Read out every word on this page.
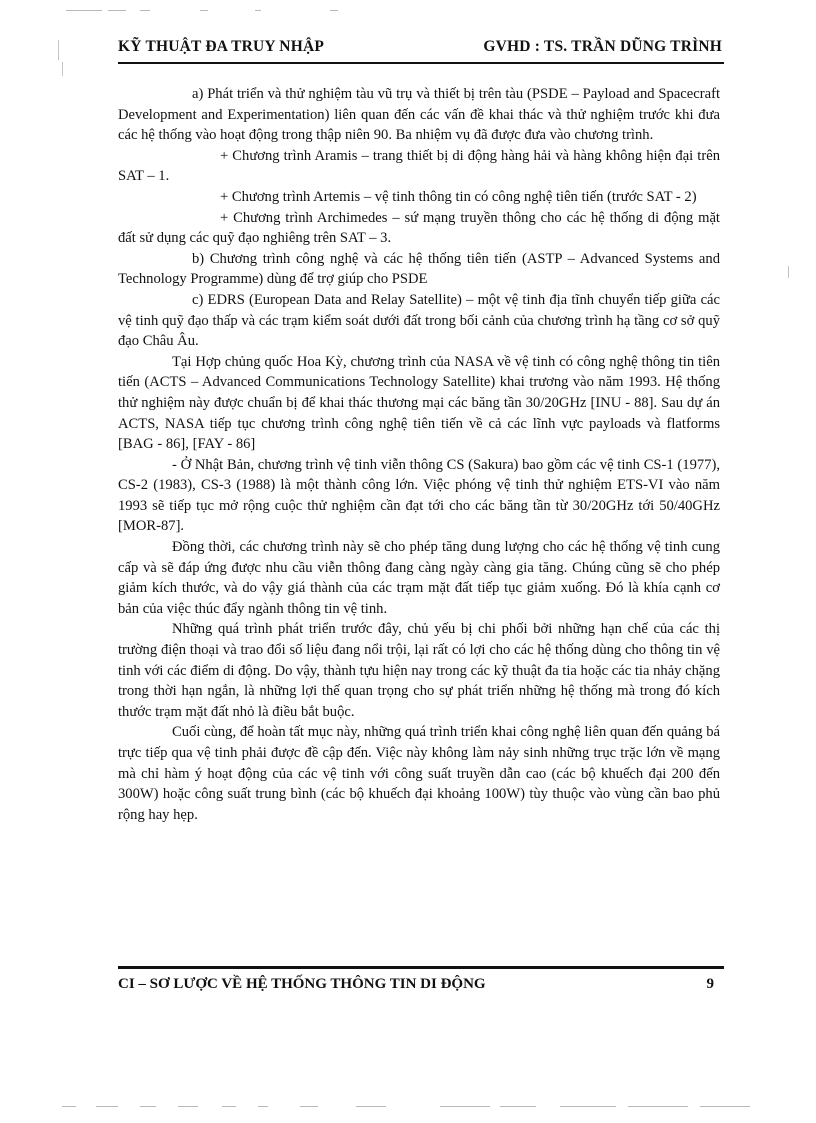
KỸ THUẬT ĐA TRUY NHẬP	GVHD : TS. TRẦN DŨNG TRÌNH

a) Phát triển và thử nghiệm tàu vũ trụ và thiết bị trên tàu (PSDE – Payload and Spacecraft Development and Experimentation) liên quan đến các vấn đề khai thác và thử nghiệm trước khi đưa các hệ thống vào hoạt động trong thập niên 90. Ba nhiệm vụ đã được đưa vào chương trình.

+ Chương trình Aramis – trang thiết bị di động hàng hải và hàng không hiện đại trên SAT – 1.

+ Chương trình Artemis – vệ tinh thông tin có công nghệ tiên tiến (trước SAT - 2)

+ Chương trình Archimedes – sứ mạng truyền thông cho các hệ thống di động mặt đất sử dụng các quỹ đạo nghiêng trên SAT – 3.

b) Chương trình công nghệ và các hệ thống tiên tiến (ASTP – Advanced Systems and Technology Programme) dùng để trợ giúp cho PSDE

c) EDRS (European Data and Relay Satellite) – một vệ tinh địa tĩnh chuyển tiếp giữa các vệ tinh quỹ đạo thấp và các trạm kiểm soát dưới đất trong bối cảnh của chương trình hạ tầng cơ sở quỹ đạo Châu Âu.

Tại Hợp chủng quốc Hoa Kỳ, chương trình của NASA về vệ tinh có công nghệ thông tin tiên tiến (ACTS – Advanced Communications Technology Satellite) khai trương vào năm 1993. Hệ thống thử nghiệm này được chuẩn bị để khai thác thương mại các băng tần 30/20GHz [INU - 88]. Sau dự án ACTS, NASA tiếp tục chương trình công nghệ tiên tiến về cả các lĩnh vực payloads và flatforms [BAG - 86], [FAY - 86]

- Ở Nhật Bản, chương trình vệ tinh viễn thông CS (Sakura) bao gồm các vệ tinh CS-1 (1977), CS-2 (1983), CS-3 (1988) là một thành công lớn. Việc phóng vệ tinh thử nghiệm ETS-VI vào năm 1993 sẽ tiếp tục mở rộng cuộc thử nghiệm cần đạt tới cho các băng tần từ 30/20GHz tới 50/40GHz [MOR-87].

Đồng thời, các chương trình này sẽ cho phép tăng dung lượng cho các hệ thống vệ tinh cung cấp và sẽ đáp ứng được nhu cầu viễn thông đang càng ngày càng gia tăng. Chúng cũng sẽ cho phép giảm kích thước, và do vậy giá thành của các trạm mặt đất tiếp tục giảm xuống. Đó là khía cạnh cơ bản của việc thúc đẩy ngành thông tin vệ tinh.

Những quá trình phát triển trước đây, chủ yếu bị chi phối bởi những hạn chế của các thị trường điện thoại và trao đổi số liệu đang nổi trội, lại rất có lợi cho các hệ thống dùng cho thông tin vệ tinh với các điểm di động. Do vậy, thành tựu hiện nay trong các kỹ thuật đa tia hoặc các tia nhảy chặng trong thời hạn ngắn, là những lợi thế quan trọng cho sự phát triển những hệ thống mà trong đó kích thước trạm mặt đất nhỏ là điều bắt buộc.

Cuối cùng, để hoàn tất mục này, những quá trình triển khai công nghệ liên quan đến quảng bá trực tiếp qua vệ tinh phải được đề cập đến. Việc này không làm nảy sinh những trục trặc lớn về mạng mà chỉ hàm ý hoạt động của các vệ tinh với công suất truyền dẫn cao (các bộ khuếch đại 200 đến 300W) hoặc công suất trung bình (các bộ khuếch đại khoảng 100W) tùy thuộc vào vùng cần bao phủ rộng hay hẹp.

CI – SƠ LƯỢC VỀ HỆ THỐNG THÔNG TIN DI ĐỘNG	9
